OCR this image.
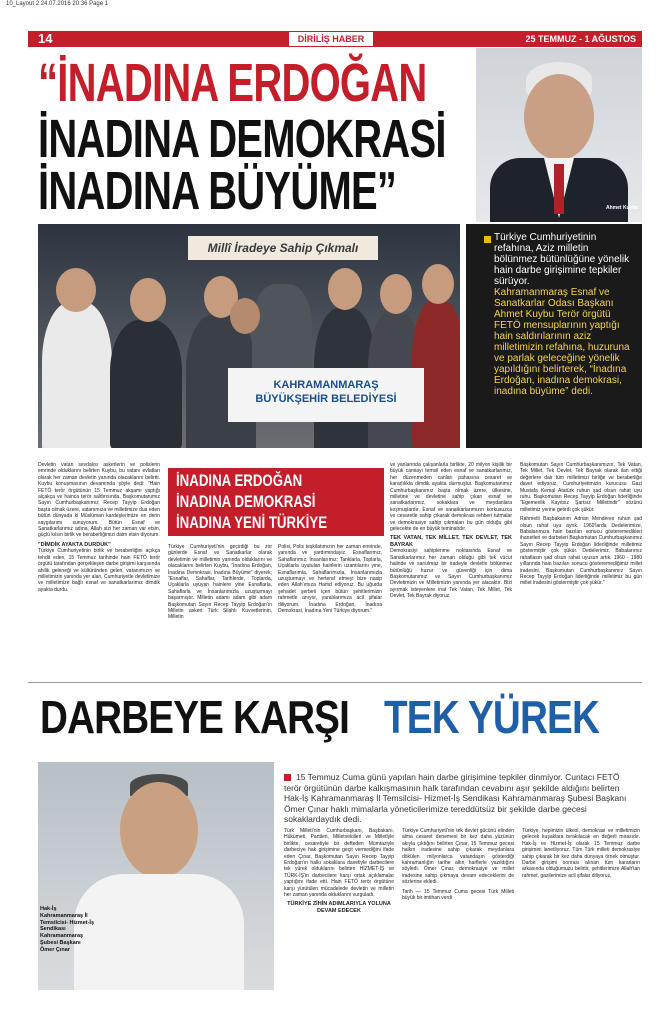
10_Layout 2 24.07.2016 20:36 Page 1
14	DİRİLİŞ HABER	25 TEMMUZ - 1 AĞUSTOS
“İNADINA ERDOĞAN
İNADINA DEMOKRASİ
İNADINA BÜYÜME”	Ahmet Kuybu
Millî İradeye Sahip Çıkmalı
KAHRAMANMARAŞ
BÜYÜKŞEHİR BELEDİYESİ
Türkiye Cumhuriyetinin refahına, Aziz milletin bölünmez bütünlüğüne yönelik hain darbe girişimine tepkiler sürüyor.
Kahramanmaraş Esnaf ve Sanatkarlar Odası Başkanı Ahmet Kuybu Terör örgütü FETÖ mensuplarının yaptığı hain saldırılarının aziz milletimizin refahına, huzuruna ve parlak geleceğine yönelik yapıldığını belirterek, “İnadına Erdoğan, inadına demokrasi, inadına büyüme” dedi.
Devletin vatan sevdalısı askerlerin ve polislerin emrinde olduklarını belirten Kuybu, bu vatanı evlatları olarak her zaman devletin yanında olacaklarını belirtti. Kuybu konuşmasının devamında şöyle dedi: "Hain FETÖ terör örgütünün 15 Temmuz akşamı yaptığı alçakça ve hainca terör saldırısında, Başkomutanımız Sayın Cumhurbaşkanımız Recep Tayyip Erdoğan başta olmak üzere, vatanımıza ve milletimize dua eden bütün dünyada ki Müslüman kardeşlerimize en derin saygılarımı sunuyorum. Bütün Esnaf ve Sanatkarlarımız adına, Allah sizi her zaman var etsin, güçlü kılsın birlik ve beraberliğimizi daim etsin diyorum.
"DİMDİK AYAKTA DURDUK"
Türkiye Cumhuriyetinin birlik ve beraberliğini açıkça tehdit eden, 15 Temmuz tarihinde hain FETÖ terör örgütü tarafından gerçekleşen darbe girişimi karşısında ahilik geleneği ve kültüründen gelen, vatanımızın ve milletimizin yanında yer alan, Cumhuriyetle devletimize ve milletimize bağlı esnaf ve sanatkarlarımız dimdik ayakta durdu.
İNADINA ERDOĞAN
İNADINA DEMOKRASİ
İNADINA YENİ TÜRKİYE
Türkiye Cumhuriyeti'nin geçirdiği bu zor günlerde Esnaf ve Sanatkarlar olarak devletimin ve milletimin yanında olduklarını ve olacaklarını belirten Kuybu, "İnadına Erdoğan, İnadına Demokrasi, İnadına Büyüme" diyerek; "Esnaflar, Sahaflar, Tarihlerde, Toplarda, Uçaklarla uyuyan hainlere yine Esnaflarla, Sahaflarla ve İnsanlarımızla uzuşturmayı başarmıştır. Milletin adamı adam gibi adam Başkomutan Sayın Recep Tayyip Erdoğan'ın Milletin askeri Türk Silahlı Kuvvetlerinin, Milletin
Polisi, Polis teşkilatımızın her zaman emrinde, yanında ve yardımındayız. Esnaflarımız, Sahaflarımız, İnsanlarımız; Tanklarla, Toplarla, Uçaklarla uyutulan hainlerin uzantılarını yine, Esnaflarımla, Sahaflarımızla, İnsanlarımızla uzuşturmayı ve herteraf etmeyi bize nasip eden Allah'ımıza Hamd ediyoruz. Bu uğurda şehadet şerbeti içen bütün şehitlerimizin rahmetle anıyor, yaralılarımıza acil şifalar diliyorum. İnadına Erdoğan, İnadına Demokrasi, İnadına Yeni Türkiye diyorum."
ve yanlarında çalışanlarla birlikte, 20 milyon kişilik bir büyük camiayı temsil eden esnaf ve sanatkarlarımız, her düzenmeden canları pahasına cesaret ve kararlılıkla dimdik ayakta durmuştur. Başkomutanımız Cumhurbaşkanımız başta olmak üzere, ülkesine, milletine ve devletine sahip çıkan esnaf ve sanatkarlarımız, sokaklara ve meydanlara koşmuşlardır. Esnaf ve sanatkarlarımızın korkusuzca ve cesaretle sahip çıkarak demokrasi rehberi tutmalar ve demokrasiye sahip çıkmaları bu gün olduğu gibi gelecekte de en büyük teminatıdır.
TEK VATAN, TEK MİLLET, TEK DEVLET, TEK BAYRAK
Demokrasiyi sahiplenme noktasında Esnaf ve Sanatkarlarımız her zaman olduğu gibi tek vücut halinde ve sarsılmaz bir iradeyle devletin bölünmez bütünlüğü huzur ve güvenliği için dima Başkomutanımız ve Sayın Cumhurbaşkanımız Devletimizin ve Milletimizin yanında yer alacaktır. Bizi ayırmak isteyenlere inat Tek Vatan, Tek Millet, Tek Devlet, Tek Bayrak diyoruz.
Başkomutan Sayın Cumhurbaşkanımızın, Tek Vatan, Tek Millet, Tek Devlet, Tek Bayrak olarak ilan ettiği değerlere dair tüm milletimizi birliğe ve beraberliğe davet ediyoruz. Cumhuriyetimizin kurucusu Gazi Mustafa Kemal Atatürk ruhun şad olsun rahat uyu ruhu. Başkomutan Recep Tayyip Erdoğan liderliğinde "Egemenlik Kayıtsız Şartsız Milletindir" sözünü milletimiz yerine getirdi çok şükür.
Rahmetli Başbakanım Adnan Menderes ruhun şad olsun rahat uyu ayrık. 1960'larda Dedelerimize, Babalarımıza hain bazıları sonucu gösteremedikleri ihanetleri ve darbeleri Başkomutan Cumhurbaşkanımız Sayın Recep Tayyip Erdoğan liderliğinde milletimiz göstermiştir çok şükür. Dedelerimiz, Babalarımız rahatlasın şad olsun rahat uyusun artık. 1960 - 1980 yıllarında hain bazıları sonucu gösteremediğimiz millet iradesini, Başkomutan Cumhurbaşkanımız Sayın Recep Tayyip Erdoğan liderliğinde milletimiz bu gün millet iradesini göstermiştir çok şükür."
DARBEYE KARŞI TEK YÜREK
Hak-İş Kahramanmaraş İl Temsilcisi- Hizmet-İş Sendikası Kahramanmaraş Şubesi Başkanı Ömer Çınar
15 Temmuz Cuma günü yapılan hain darbe girişimine tepkiler dinmiyor. Cuntacı FETÖ terör örgütünün darbe kalkışmasının halk tarafından cevabını aşır şekilde aldığını belirten Hak-İş Kahramanmaraş İl Temsilcisi- Hizmet-İş Sendikası Kahramanmaraş Şubesi Başkanı Ömer Çınar haklı mimalarla yöneticilerimize tereddütsüz bir şekilde darbe gecesi sokaklardaydık dedi.
Türk Milleti'nin Cumhurbaşkanı, Başbakanı, Hükümeti, Partileri, Milletvekilleri ve Milletiyle birlikte, cesaretiyle bir defteden Mümtaziyle darbeciye hak girişimine geçit vermediğini ifade eden Çınar, Başkomutan Sayın Recep Tayyip Erdoğan'ın halkı sokaklara davetiyle darbecilere tek yürek olduklarını belirten HİZMET-İŞ ve TÜRK-İŞ'in darbecilere karşı ortak açıklamalar yaptığını ifade etti. Hain FETÖ terör örgütüne karşı yürütülen mücadelede devletin ve milletin her zaman yanında olduklarını vurguladı.
TÜRKİYE ZİHİN ADIMLARIYLA YOLUNA DEVAM EDECEK
Türkiye Cumhuriyeti'nin tek devlet gücünü elinden alma cesaret denemesi bir kez daha yüzünün akıyla çıktığını belirten Çınar, 15 Temmuz gecesi halkın iradesine sahip çıkarak meydanlara dökülen milyonlarca vatandaşın gösterdiği kahramanlığın tarihe altın harflerle yazıldığını söyledi. Ömer Çınar, demokrasiye ve millet iradesine sahip çıkmaya devam edeceklerini de sözlerine ekledi.
Tarih — 15 Temmuz Cuma gecesi Türk Milleti büyük bir imtihan verdi
Türkiye, hepimizin ülkesi, demokrasi ve milletimizin gelecek kuşaklara bırakılacak en değerli mirasıdır. Hak-İş ve Hizmet-İş olarak 15 Temmuz darbe girişimini lanetliyoruz. Tüm Türk milleti demokrasiye sahip çıkarak bir kez daha dünyaya örnek olmuştur. Darbe girişimi sonrası alınan tüm kararların arkasında olduğumuzu belirtir, şehitlerimize Allah'tan rahmet, gazilerimize acil şifalar diliyoruz.
